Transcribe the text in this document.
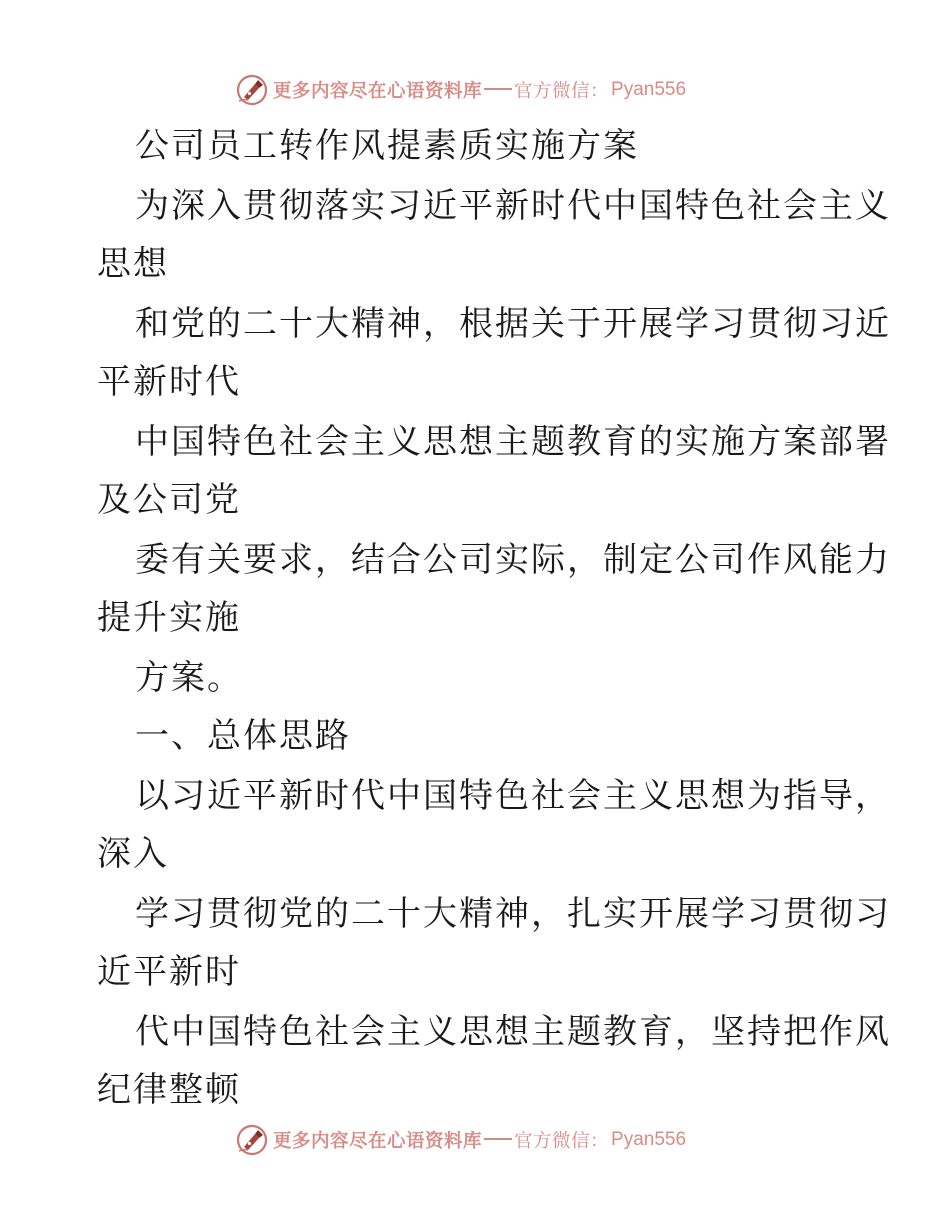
更多内容尽在心语资料库 官方微信： Pyan556
公司员工转作风提素质实施方案
为深入贯彻落实习近平新时代中国特色社会主义
思想
和党的二十大精神，根据关于开展学习贯彻习近
平新时代
中国特色社会主义思想主题教育的实施方案部署
及公司党
委有关要求，结合公司实际，制定公司作风能力
提升实施
方案。
一、总体思路
以习近平新时代中国特色社会主义思想为指导，
深入
学习贯彻党的二十大精神，扎实开展学习贯彻习
近平新时
代中国特色社会主义思想主题教育，坚持把作风
纪律整顿
更多内容尽在心语资料库 官方微信： Pyan556
